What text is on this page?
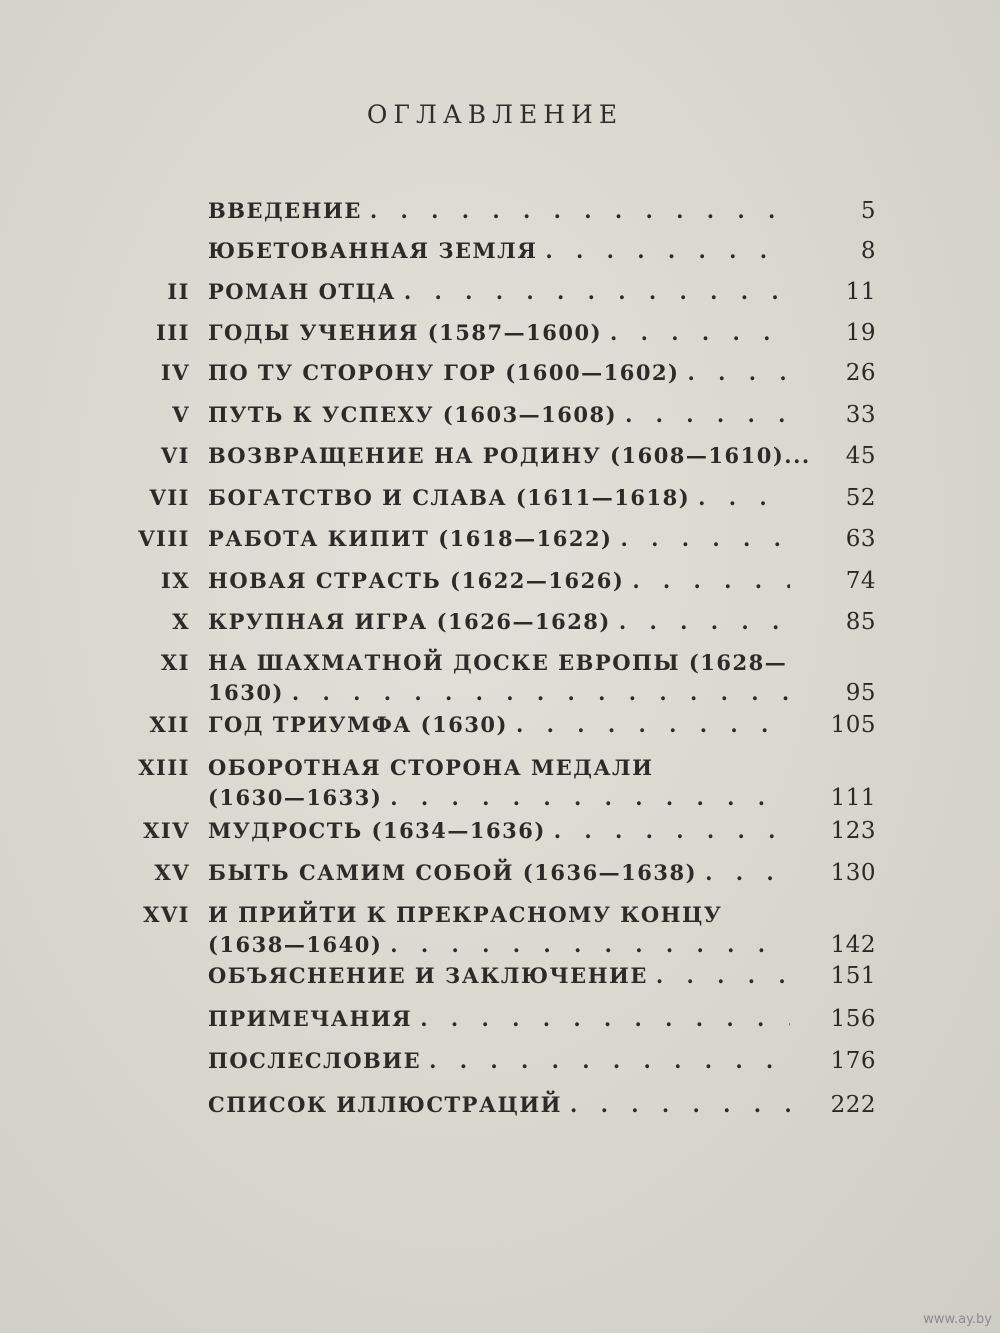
ОГЛАВЛЕНИЕ
ВВЕДЕНИЕ . . .	5
ЮБЕТОВАННАЯ ЗЕМЛЯ . . .	8
II РОМАН ОТЦА . . .	11
III ГОДЫ УЧЕНИЯ (1587—1600) . . .	19
IV ПО ТУ СТОРОНУ ГОР (1600—1602) . . .	26
V ПУТЬ К УСПЕХУ (1603—1608) . . .	33
VI ВОЗВРАЩЕНИЕ НА РОДИНУ (1608—1610)...	45
VII БОГАТСТВО И СЛАВА (1611—1618) . . .	52
VIII РАБОТА КИПИТ (1618—1622) . . .	63
IX НОВАЯ СТРАСТЬ (1622—1626) . . .	74
X КРУПНАЯ ИГРА (1626—1628) . . .	85
XI НА ШАХМАТНОЙ ДОСКЕ ЕВРОПЫ (1628—
1630) . . .	95
XII ГОД ТРИУМФА (1630) . . .	105
XIII ОБОРОТНАЯ СТОРОНА МЕДАЛИ
(1630—1633) . . .	111
XIV МУДРОСТЬ (1634—1636) . . .	123
XV БЫТЬ САМИМ СОБОЙ (1636—1638) . . .	130
XVI И ПРИЙТИ К ПРЕКРАСНОМУ КОНЦУ
(1638—1640) . . .	142
ОБЪЯСНЕНИЕ И ЗАКЛЮЧЕНИЕ . . .	151
ПРИМЕЧАНИЯ . . .	156
ПОСЛЕСЛОВИЕ . . .	176
СПИСОК ИЛЛЮСТРАЦИЙ . . .	222
www.ay.by
